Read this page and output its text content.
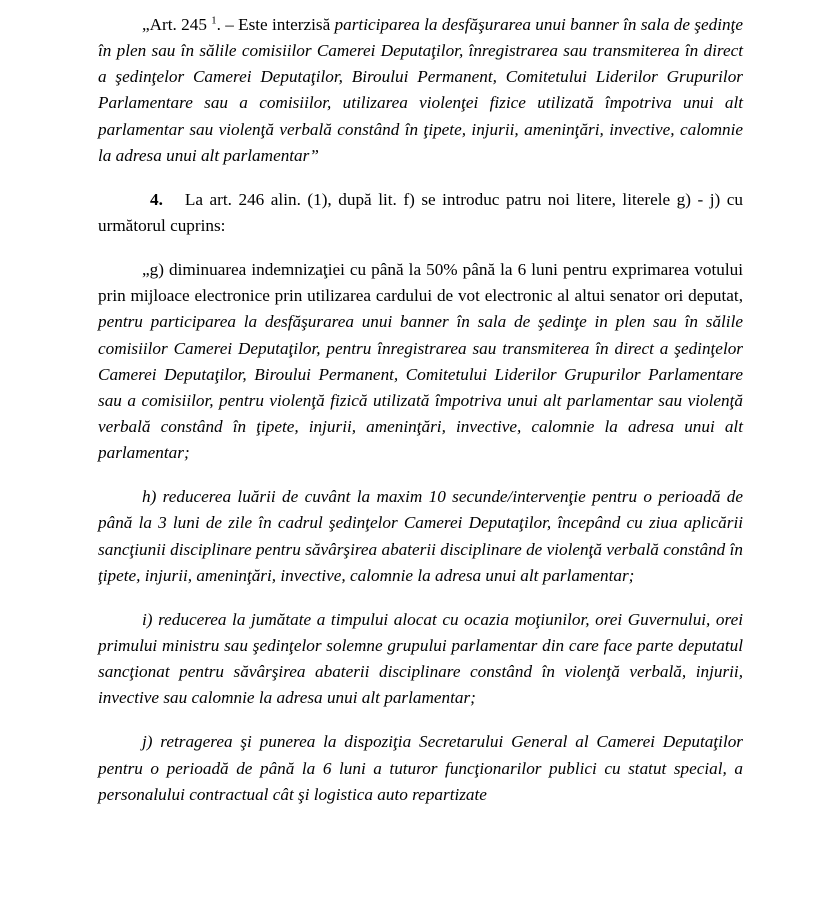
„Art. 245 $^1$. – Este interzisă participarea la desfăşurarea unui banner în sala de şedinţe în plen sau în sălile comisiilor Camerei Deputaţilor, înregistrarea sau transmiterea în direct a şedinţelor Camerei Deputaţilor, Biroului Permanent, Comitetului Liderilor Grupurilor Parlamentare sau a comisiilor, utilizarea violenţei fizice utilizată împotriva unui alt parlamentar sau violenţă verbală constând în ţipete, injurii, ameninţări, invective, calomnie la adresa unui alt parlamentar”

4. La art. 246 alin. (1), după lit. f) se introduc patru noi litere, literele g) - j) cu următorul cuprins:

„g) diminuarea indemnizaţiei cu până la 50% până la 6 luni pentru exprimarea votului prin mijloace electronice prin utilizarea cardului de vot electronic al altui senator ori deputat, pentru participarea la desfăşurarea unui banner în sala de şedinţe in plen sau în sălile comisiilor Camerei Deputaţilor, pentru înregistrarea sau transmiterea în direct a şedinţelor Camerei Deputaţilor, Biroului Permanent, Comitetului Liderilor Grupurilor Parlamentare sau a comisiilor, pentru violenţă fizică utilizată împotriva unui alt parlamentar sau violenţă verbală constând în ţipete, injurii, ameninţări, invective, calomnie la adresa unui alt parlamentar;

h) reducerea luării de cuvânt la maxim 10 secunde/intervenţie pentru o perioadă de până la 3 luni de zile în cadrul şedinţelor Camerei Deputaţilor, începând cu ziua aplicării sancţiunii disciplinare pentru săvârşirea abaterii disciplinare de violenţă verbală constând în ţipete, injurii, ameninţări, invective, calomnie la adresa unui alt parlamentar;

i) reducerea la jumătate a timpului alocat cu ocazia moţiunilor, orei Guvernului, orei primului ministru sau şedinţelor solemne grupului parlamentar din care face parte deputatul sancţionat pentru săvârşirea abaterii disciplinare constând în violenţă verbală, injurii, invective sau calomnie la adresa unui alt parlamentar;

j) retragerea şi punerea la dispoziţia Secretarului General al Camerei Deputaţilor pentru o perioadă de până la 6 luni a tuturor funcţionarilor publici cu statut special, a personalului contractual cât şi logistica auto repartizate
